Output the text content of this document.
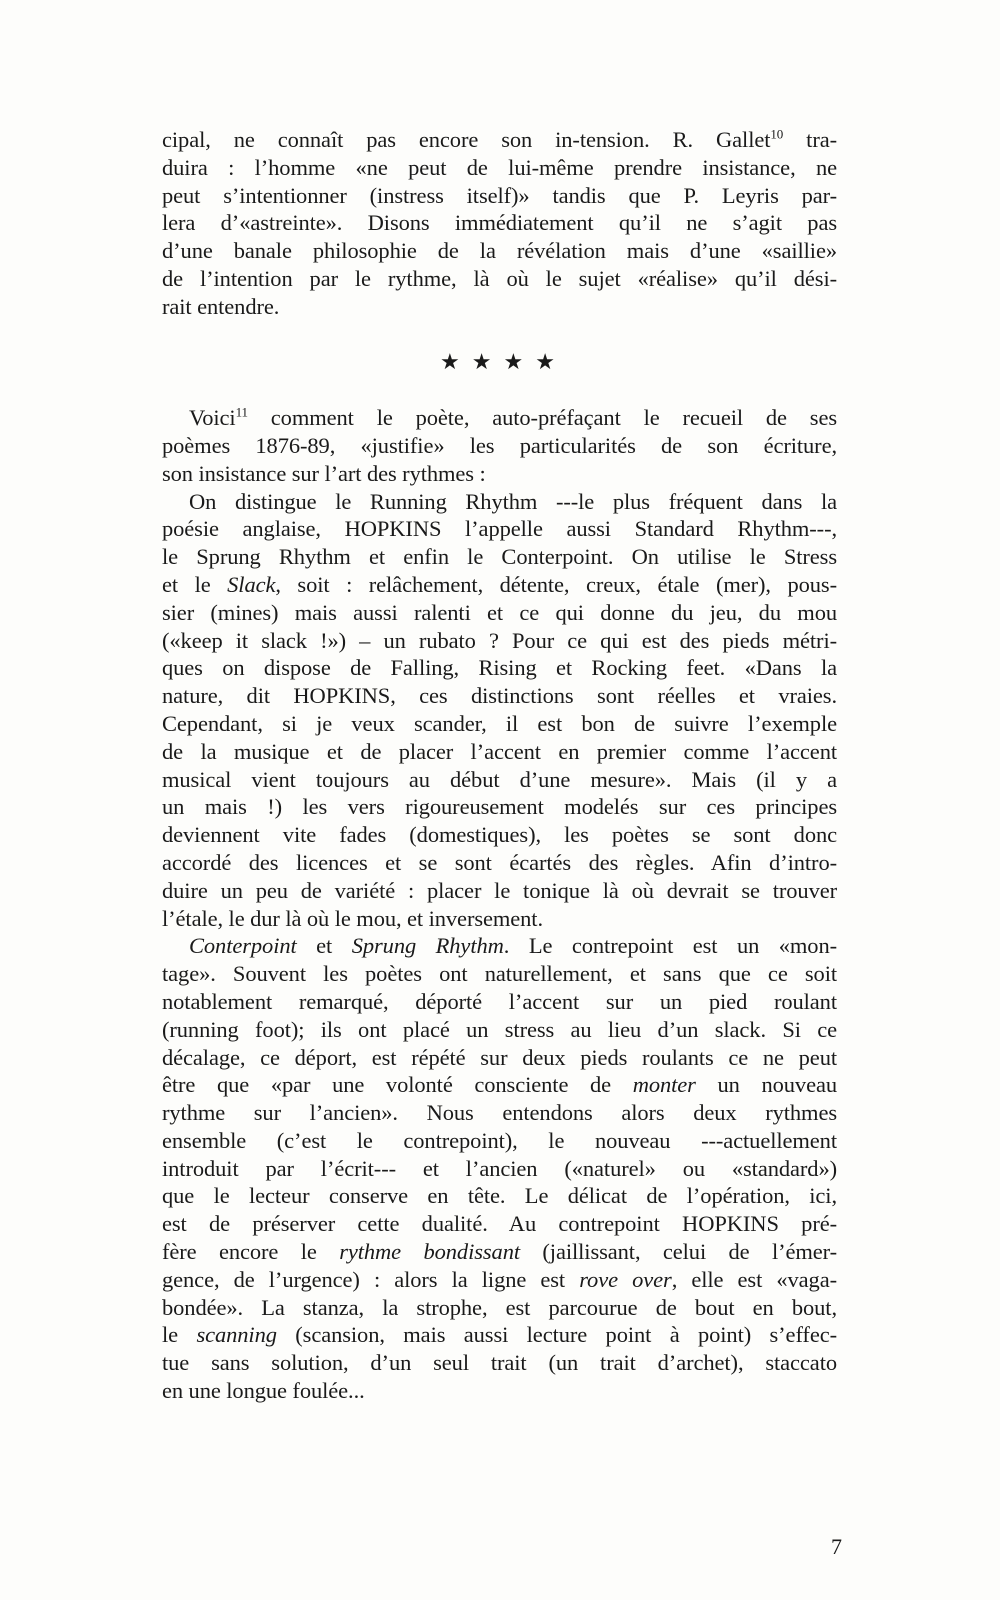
cipal, ne connaît pas encore son in-tension. R. Gallet$^{10}$ tra-
duira : l’homme «ne peut de lui-même prendre insistance, ne
peut s’intentionner (instress itself)» tandis que P. Leyris par-
lera d’«astreinte». Disons immédiatement qu’il ne s’agit pas
d’une banale philosophie de la révélation mais d’une «saillie»
de l’intention par le rythme, là où le sujet «réalise» qu’il dési-
rait entendre.
★★★★
Voici$^{11}$ comment le poète, auto-préfaçant le recueil de ses
poèmes 1876-89, «justifie» les particularités de son écriture,
son insistance sur l’art des rythmes :
On distingue le Running Rhythm ---le plus fréquent dans la
poésie anglaise, HOPKINS l’appelle aussi Standard Rhythm---,
le Sprung Rhythm et enfin le Conterpoint. On utilise le Stress
et le Slack, soit : relâchement, détente, creux, étale (mer), pous-
sier (mines) mais aussi ralenti et ce qui donne du jeu, du mou
(«keep it slack !») – un rubato ? Pour ce qui est des pieds métri-
ques on dispose de Falling, Rising et Rocking feet. «Dans la
nature, dit HOPKINS, ces distinctions sont réelles et vraies.
Cependant, si je veux scander, il est bon de suivre l’exemple
de la musique et de placer l’accent en premier comme l’accent
musical vient toujours au début d’une mesure». Mais (il y a
un mais !) les vers rigoureusement modelés sur ces principes
deviennent vite fades (domestiques), les poètes se sont donc
accordé des licences et se sont écartés des règles. Afin d’intro-
duire un peu de variété : placer le tonique là où devrait se trouver
l’étale, le dur là où le mou, et inversement.
Conterpoint et Sprung Rhythm. Le contrepoint est un «mon-
tage». Souvent les poètes ont naturellement, et sans que ce soit
notablement remarqué, déporté l’accent sur un pied roulant
(running foot); ils ont placé un stress au lieu d’un slack. Si ce
décalage, ce déport, est répété sur deux pieds roulants ce ne peut
être que «par une volonté consciente de monter un nouveau
rythme sur l’ancien». Nous entendons alors deux rythmes
ensemble (c’est le contrepoint), le nouveau ---actuellement
introduit par l’écrit--- et l’ancien («naturel» ou «standard»)
que le lecteur conserve en tête. Le délicat de l’opération, ici,
est de préserver cette dualité. Au contrepoint HOPKINS pré-
fère encore le rythme bondissant (jaillissant, celui de l’émer-
gence, de l’urgence) : alors la ligne est rove over, elle est «vaga-
bondée». La stanza, la strophe, est parcourue de bout en bout,
le scanning (scansion, mais aussi lecture point à point) s’effec-
tue sans solution, d’un seul trait (un trait d’archet), staccato
en une longue foulée...
7
